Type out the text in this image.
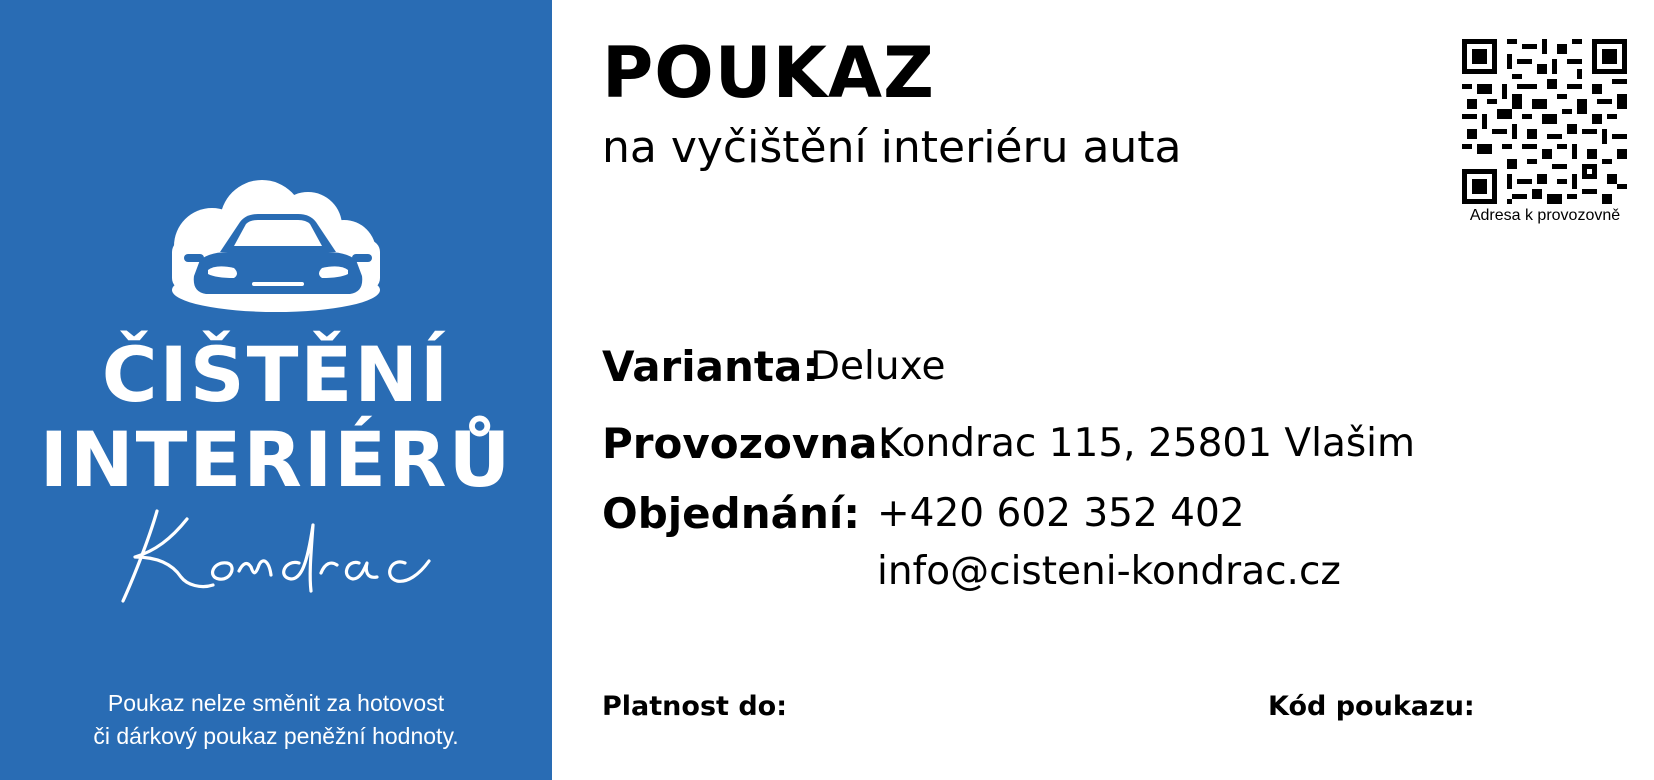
ČIŠTĚNÍ
INTERIÉRŮ
Poukaz nelze směnit za hotovost
či dárkový poukaz peněžní hodnoty.
POUKAZ
na vyčištění interiéru auta
Adresa k provozovně
Varianta:
Deluxe
Provozovna:
Kondrac 115, 25801 Vlašim
Objednání: +420 602 352 402
info@cisteni-kondrac.cz
Platnost do:	Kód poukazu:
